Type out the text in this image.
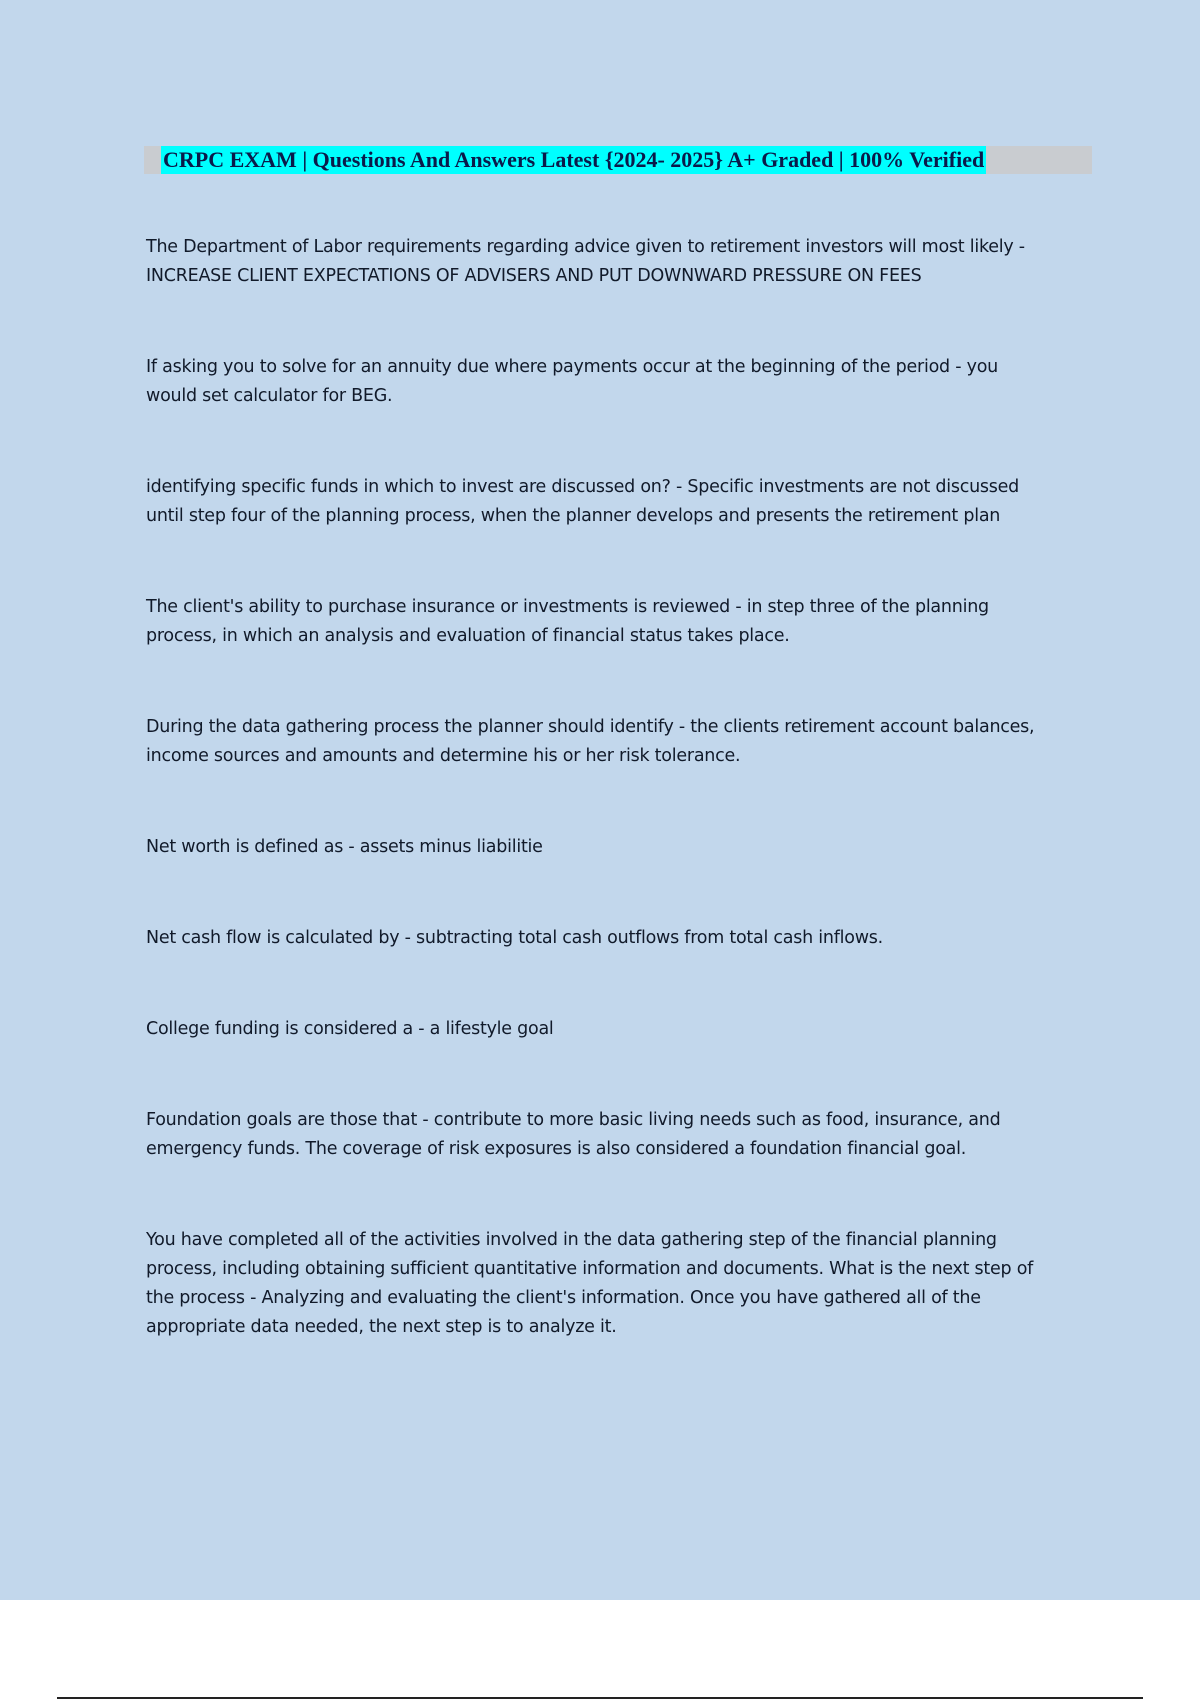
CRPC EXAM | Questions And Answers Latest {2024- 2025} A+ Graded | 100% Verified
The Department of Labor requirements regarding advice given to retirement investors will most likely -
INCREASE CLIENT EXPECTATIONS OF ADVISERS AND PUT DOWNWARD PRESSURE ON FEES
If asking you to solve for an annuity due where payments occur at the beginning of the period - you
would set calculator for BEG.
identifying specific funds in which to invest are discussed on? - Specific investments are not discussed
until step four of the planning process, when the planner develops and presents the retirement plan
The client's ability to purchase insurance or investments is reviewed - in step three of the planning
process, in which an analysis and evaluation of financial status takes place.
During the data gathering process the planner should identify - the clients retirement account balances,
income sources and amounts and determine his or her risk tolerance.
Net worth is defined as - assets minus liabilitie
Net cash flow is calculated by - subtracting total cash outflows from total cash inflows.
College funding is considered a - a lifestyle goal
Foundation goals are those that - contribute to more basic living needs such as food, insurance, and
emergency funds. The coverage of risk exposures is also considered a foundation financial goal.
You have completed all of the activities involved in the data gathering step of the financial planning
process, including obtaining sufficient quantitative information and documents. What is the next step of
the process - Analyzing and evaluating the client's information. Once you have gathered all of the
appropriate data needed, the next step is to analyze it.
